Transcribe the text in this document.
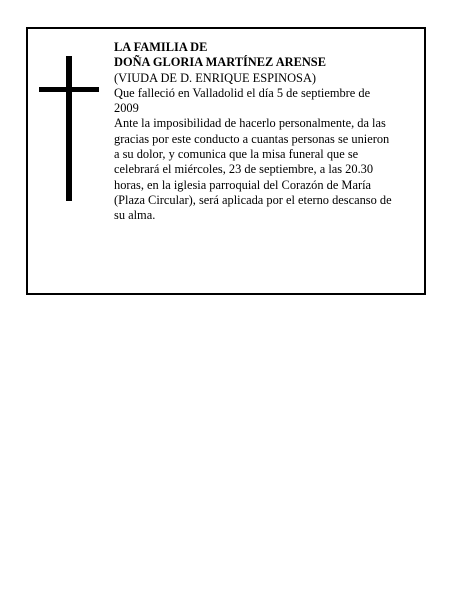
LA FAMILIA DE
DOÑA GLORIA MARTÍNEZ ARENSE
(VIUDA DE D. ENRIQUE ESPINOSA)
Que falleció en Valladolid el día 5 de septiembre de
2009
Ante la imposibilidad de hacerlo personalmente, da las
gracias por este conducto a cuantas personas se unieron
a su dolor, y comunica que la misa funeral que se
celebrará el miércoles, 23 de septiembre, a las 20.30
horas, en la iglesia parroquial del Corazón de María
(Plaza Circular), será aplicada por el eterno descanso de
su alma.
